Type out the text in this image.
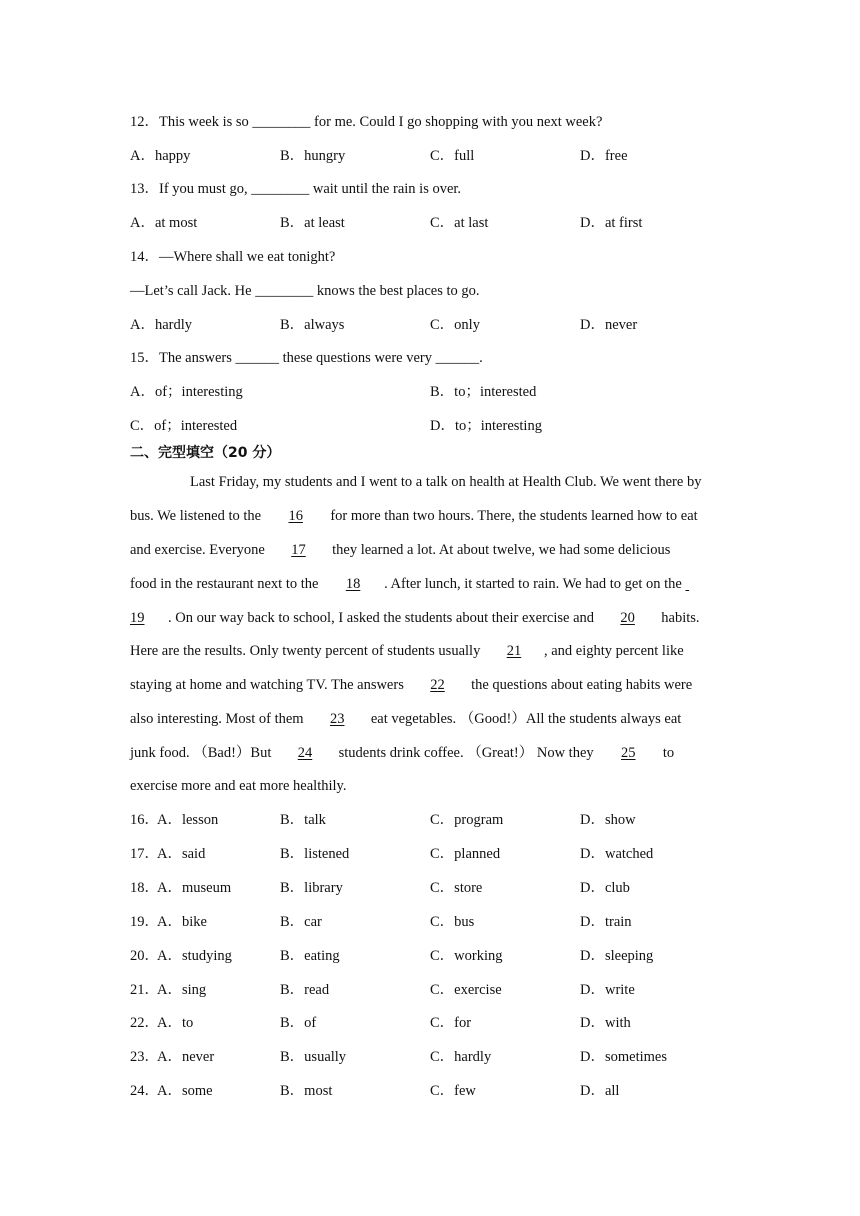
12．This week is so ________ for me. Could I go shopping with you next week?
A．happy	B．hungry	C．full	D．free
13．If you must go, ________ wait until the rain is over.
A．at most	B．at least	C．at last	D．at first
14．—Where shall we eat tonight?
—Let’s call Jack. He ________ knows the best places to go.
A．hardly	B．always	C．only	D．never
15．The answers ______ these questions were very ______.
A．of；interesting	B．to；interested
C．of；interested	D．to；interesting
二、完型填空（20 分）
Last Friday, my students and I went to a talk on health at Health Club. We went there by
bus. We listened to the 16 for more than two hours. There, the students learned how to eat
and exercise. Everyone 17 they learned a lot. At about twelve, we had some delicious
food in the restaurant next to the 18 . After lunch, it started to rain. We had to get on the
19 . On our way back to school, I asked the students about their exercise and 20 habits.
Here are the results. Only twenty percent of students usually 21 , and eighty percent like
staying at home and watching TV. The answers 22 the questions about eating habits were
also interesting. Most of them 23 eat vegetables. （Good!）All the students always eat
junk food. （Bad!）But 24 students drink coffee. （Great!） Now they 25 to
exercise more and eat more healthily.
16．
A．lesson	B．talk	C．program	D．show
17．
A．said	B．listened	C．planned	D．watched
18．
A．museum	B．library	C．store	D．club
19．
A．bike	B．car	C．bus	D．train
20．
A．studying	B．eating	C．working	D．sleeping
21．
A．sing	B．read	C．exercise	D．write
22．
A．to	B．of	C．for	D．with
23．
A．never	B．usually	C．hardly	D．sometimes
24．
A．some	B．most	C．few	D．all
